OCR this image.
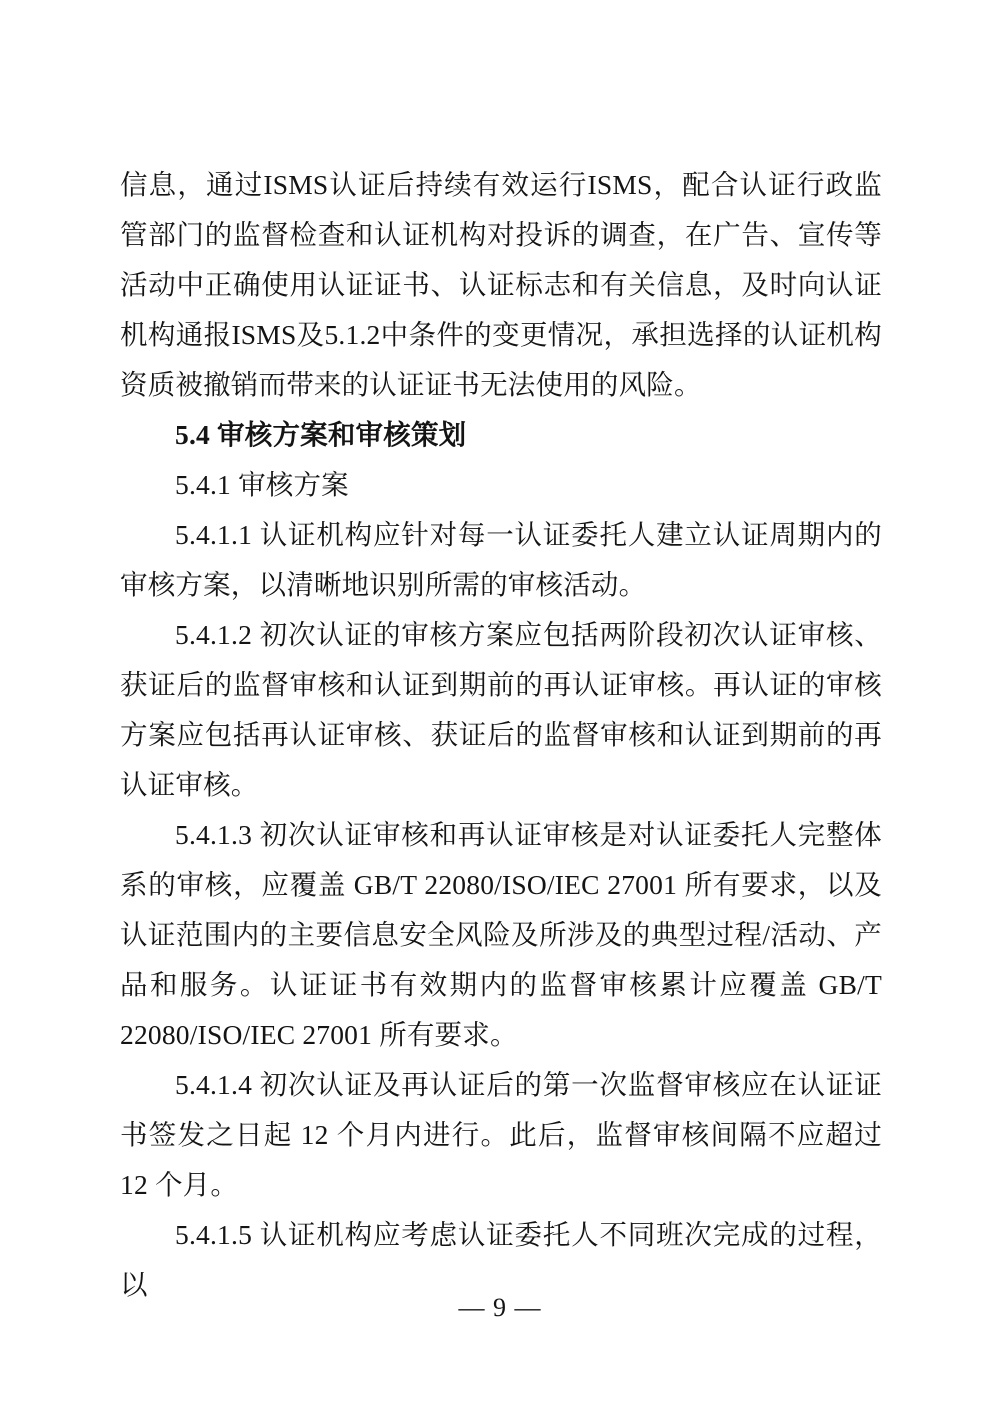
信息，通过ISMS认证后持续有效运行ISMS，配合认证行政监管部门的监督检查和认证机构对投诉的调查，在广告、宣传等活动中正确使用认证证书、认证标志和有关信息，及时向认证机构通报ISMS及5.1.2中条件的变更情况，承担选择的认证机构资质被撤销而带来的认证证书无法使用的风险。

5.4 审核方案和审核策划

5.4.1 审核方案

5.4.1.1 认证机构应针对每一认证委托人建立认证周期内的审核方案，以清晰地识别所需的审核活动。

5.4.1.2 初次认证的审核方案应包括两阶段初次认证审核、获证后的监督审核和认证到期前的再认证审核。再认证的审核方案应包括再认证审核、获证后的监督审核和认证到期前的再认证审核。

5.4.1.3 初次认证审核和再认证审核是对认证委托人完整体系的审核，应覆盖 GB/T 22080/ISO/IEC 27001 所有要求，以及认证范围内的主要信息安全风险及所涉及的典型过程/活动、产品和服务。认证证书有效期内的监督审核累计应覆盖 GB/T 22080/ISO/IEC 27001 所有要求。

5.4.1.4 初次认证及再认证后的第一次监督审核应在认证证书签发之日起 12 个月内进行。此后，监督审核间隔不应超过 12 个月。

5.4.1.5 认证机构应考虑认证委托人不同班次完成的过程，以

— 9 —
